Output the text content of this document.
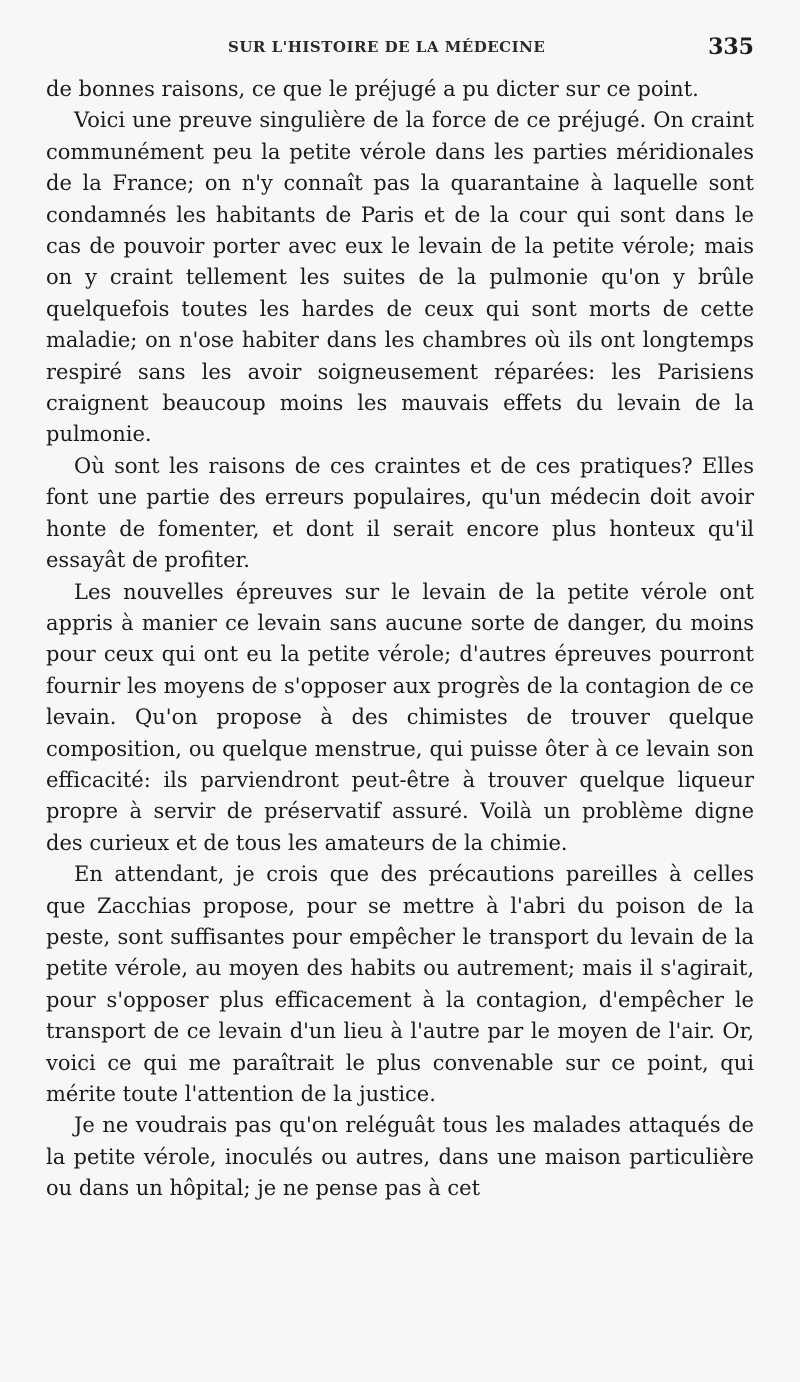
SUR L'HISTOIRE DE LA MÉDECINE	335

de bonnes raisons, ce que le préjugé a pu dicter sur ce point.

Voici une preuve singulière de la force de ce préjugé. On craint communément peu la petite vérole dans les parties méridionales de la France; on n'y connaît pas la quarantaine à laquelle sont condamnés les habitants de Paris et de la cour qui sont dans le cas de pouvoir porter avec eux le levain de la petite vérole; mais on y craint tellement les suites de la pulmonie qu'on y brûle quelquefois toutes les hardes de ceux qui sont morts de cette maladie; on n'ose habiter dans les chambres où ils ont longtemps respiré sans les avoir soigneusement réparées: les Parisiens craignent beaucoup moins les mauvais effets du levain de la pulmonie.

Où sont les raisons de ces craintes et de ces pratiques? Elles font une partie des erreurs populaires, qu'un médecin doit avoir honte de fomenter, et dont il serait encore plus honteux qu'il essayât de profiter.

Les nouvelles épreuves sur le levain de la petite vérole ont appris à manier ce levain sans aucune sorte de danger, du moins pour ceux qui ont eu la petite vérole; d'autres épreuves pourront fournir les moyens de s'opposer aux progrès de la contagion de ce levain. Qu'on propose à des chimistes de trouver quelque composition, ou quelque menstrue, qui puisse ôter à ce levain son efficacité: ils parviendront peut-être à trouver quelque liqueur propre à servir de préservatif assuré. Voilà un problème digne des curieux et de tous les amateurs de la chimie.

En attendant, je crois que des précautions pareilles à celles que Zacchias propose, pour se mettre à l'abri du poison de la peste, sont suffisantes pour empêcher le transport du levain de la petite vérole, au moyen des habits ou autrement; mais il s'agirait, pour s'opposer plus efficacement à la contagion, d'empêcher le transport de ce levain d'un lieu à l'autre par le moyen de l'air. Or, voici ce qui me paraîtrait le plus convenable sur ce point, qui mérite toute l'attention de la justice.

Je ne voudrais pas qu'on reléguât tous les malades attaqués de la petite vérole, inoculés ou autres, dans une maison particulière ou dans un hôpital; je ne pense pas à cet
